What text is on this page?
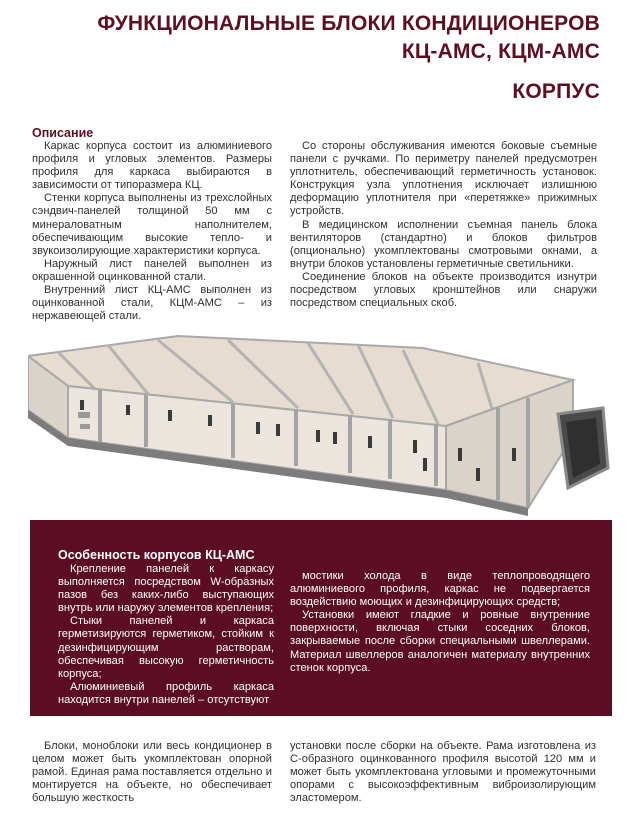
ФУНКЦИОНАЛЬНЫЕ БЛОКИ КОНДИЦИОНЕРОВ
КЦ-АМС, КЦМ-АМС
КОРПУС
Описание

Каркас корпуса состоит из алюминиевого профиля и угловых элементов. Размеры профиля для каркаса выбираются в зависимости от типоразмера КЦ.

Стенки корпуса выполнены из трехслойных сэндвич-панелей толщиной 50 мм с минераловатным наполнителем, обеспечивающим высокие тепло- и звукоизолирующие характеристики корпуса.

Наружный лист панелей выполнен из окрашенной оцинкованной стали.

Внутренний лист КЦ-АМС выполнен из оцинкованной стали, КЦМ-АМС – из нержавеющей стали.

Со стороны обслуживания имеются боковые съемные панели с ручками. По периметру панелей предусмотрен уплотнитель, обеспечивающий герметичность установок. Конструкция узла уплотнения исключает излишнюю деформацию уплотнителя при «перетяжке» прижимных устройств.

В медицинском исполнении съемная панель блока вентиляторов (стандартно) и блоков фильтров (опционально) укомплектованы смотровыми окнами, а внутри блоков установлены герметичные светильники.

Соединение блоков на объекте производится изнутри посредством угловых кронштейнов или снаружи посредством специальных скоб.

Особенность корпусов КЦ-АМС

Крепление панелей к каркасу выполняется посредством W-образных пазов без каких-либо выступающих внутрь или наружу элементов крепления;

Стыки панелей и каркаса герметизируются герметиком, стойким к дезинфицирующим растворам, обеспечивая высокую герметичность корпуса;

Алюминиевый профиль каркаса находится внутри панелей – отсутствуют

мостики холода в виде теплопроводящего алюминиевого профиля, каркас не подвергается воздействию моющих и дезинфицирующих средств;

Установки имеют гладкие и ровные внутренние поверхности, включая стыки соседних блоков, закрываемые после сборки специальными швеллерами. Материал швеллеров аналогичен материалу внутренних стенок корпуса.

Блоки, моноблоки или весь кондиционер в целом может быть укомплектован опорной рамой. Единая рама поставляется отдельно и монтируется на объекте, но обеспечивает большую жесткость

установки после сборки на объекте. Рама изготовлена из С-образного оцинкованного профиля высотой 120 мм и может быть укомплектована угловыми и промежуточными опорами с высокоэффективным виброизолирующим эластомером.
